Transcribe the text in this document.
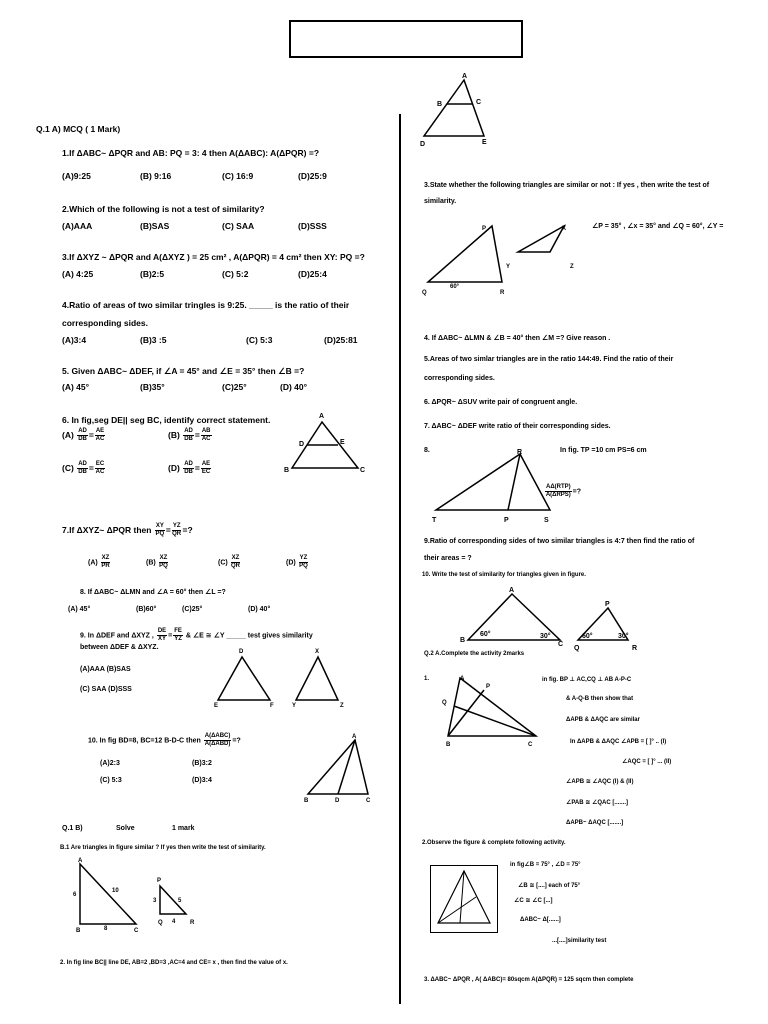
Q.1 A) MCQ ( 1 Mark)
1.If ΔABC~ ΔPQR and AB: PQ = 3: 4 then A(ΔABC): A(ΔPQR) =?
(A)9:25	(B) 9:16	(C) 16:9	(D)25:9
2.Which of the following is not a test of similarity?
(A)AAA	(B)SAS	(C) SAA	(D)SSS
3.If ΔXYZ ~ ΔPQR and A(ΔXYZ ) = 25 cm² , A(ΔPQR) = 4 cm² then XY: PQ =?
(A) 4:25	(B)2:5	(C) 5:2	(D)25:4
4.Ratio of areas of two similar tringles is 9:25. _____ is the ratio of their
corresponding sides.
(A)3:4	(B)3 :5	(C) 5:3	(D)25:81
5. Given ΔABC~ ΔDEF, if ∠A = 45° and ∠E = 35° then ∠B =?
(A) 45°	(B)35°	(C)25°	(D) 40°
6. In fig,seg DE|| seg BC, identify correct statement.
$(A) \frac{AD}{DB} = \frac{AE}{AC}$	$(B) \frac{AD}{DB} = \frac{AB}{AC}$
$(C) \frac{AD}{DB} = \frac{EC}{AC}$	$(D) \frac{AD}{DB} = \frac{AE}{EC}$
A
D	E
B	C
7.If ΔXYZ~ ΔPQR then $\frac{XY}{PQ} = \frac{YZ}{QR}$ =?
$(A) \frac{XZ}{PR}$	$(B) \frac{XZ}{PQ}$	$(C) \frac{XZ}{QR}$	$(D) \frac{YZ}{PQ}$
8. If ΔABC~ ΔLMN and ∠A = 60° then ∠L =?
(A) 45°	(B)60°	(C)25°	(D) 40°
9. In ΔDEF and ΔXYZ , $\frac{DE}{XY} = \frac{FE}{YZ}$ & ∠E ≅ ∠Y _____ test gives similarity
between ΔDEF & ΔXYZ.
(A)AAA (B)SAS
(C) SAA (D)SSS
D
E	F
X
Y	Z
10. In fig BD=8, BC=12 B-D-C then $\frac{\text{A(ΔABC)}}{\text{A(ΔABD)}}$ =?
(A)2:3	(B)3:2
(C) 5:3	(D)3:4
A
B	D	C
Q.1 B)	Solve	1 mark
B.1 Are triangles in figure similar ? If yes then write the test of similarity.
A
6
10
B	8	C
P
3	5
Q 4 R
2. In fig line BC|| line DE, AB=2 ,BD=3 ,AC=4 and CE= x , then find the value of x.
A
B	C
D	E
3.State whether the following triangles are similar or not : If yes , then write the test of
similarity.
∠P = 35° , ∠x = 35° and ∠Q = 60°, ∠Y =
P
Q
60°
R
X
Y	Z
4. If ΔABC~ ΔLMN & ∠B = 40° then ∠M =? Give reason .
5.Areas of two simlar triangles are in the ratio 144:49. Find the ratio of their
corresponding sides.
6. ΔPQR~ ΔSUV write pair of congruent angle.
7. ΔABC~ ΔDEF write ratio of their corresponding sides.
8.	In fig. TP =10 cm PS=6 cm
$\frac{\text{AΔ(RTP)}}{\text{A(ΔRPS)}}$ =?
R
T	P	S
9.Ratio of corresponding sides of two similar triangles is 4:7 then find the ratio of
their areas = ?
10. Write the test of similarity for triangles given in figure.
A
B
60°	30°
C
P
60°	30°
Q	R
Q.2 A.Complete the activity 2marks
1.	A
P
Q
B	C
in fig. BP ⊥ AC,CQ ⊥ AB A-P-C
& A-Q-B then show that
ΔAPB & ΔAQC are similar
In ΔAPB & ΔAQC ∠APB = [ ]° .. (I)
∠AQC = [ ]° ... (II)
∠APB ≅ ∠AQC (I) & (II)
∠PAB ≅ ∠QAC [.......]
ΔAPB~ ΔAQC [.......]
2.Observe the figure & complete following activity.
in fig∠B = 75° , ∠D = 75°
∠B ≅ [....] each of 75°
∠C ≅ ∠C [...]
ΔABC~ Δ[......]
...[....]similarity test
3. ΔABC~ ΔPQR , A( ΔABC)= 80sqcm A(ΔPQR) = 125 sqcm then complete
